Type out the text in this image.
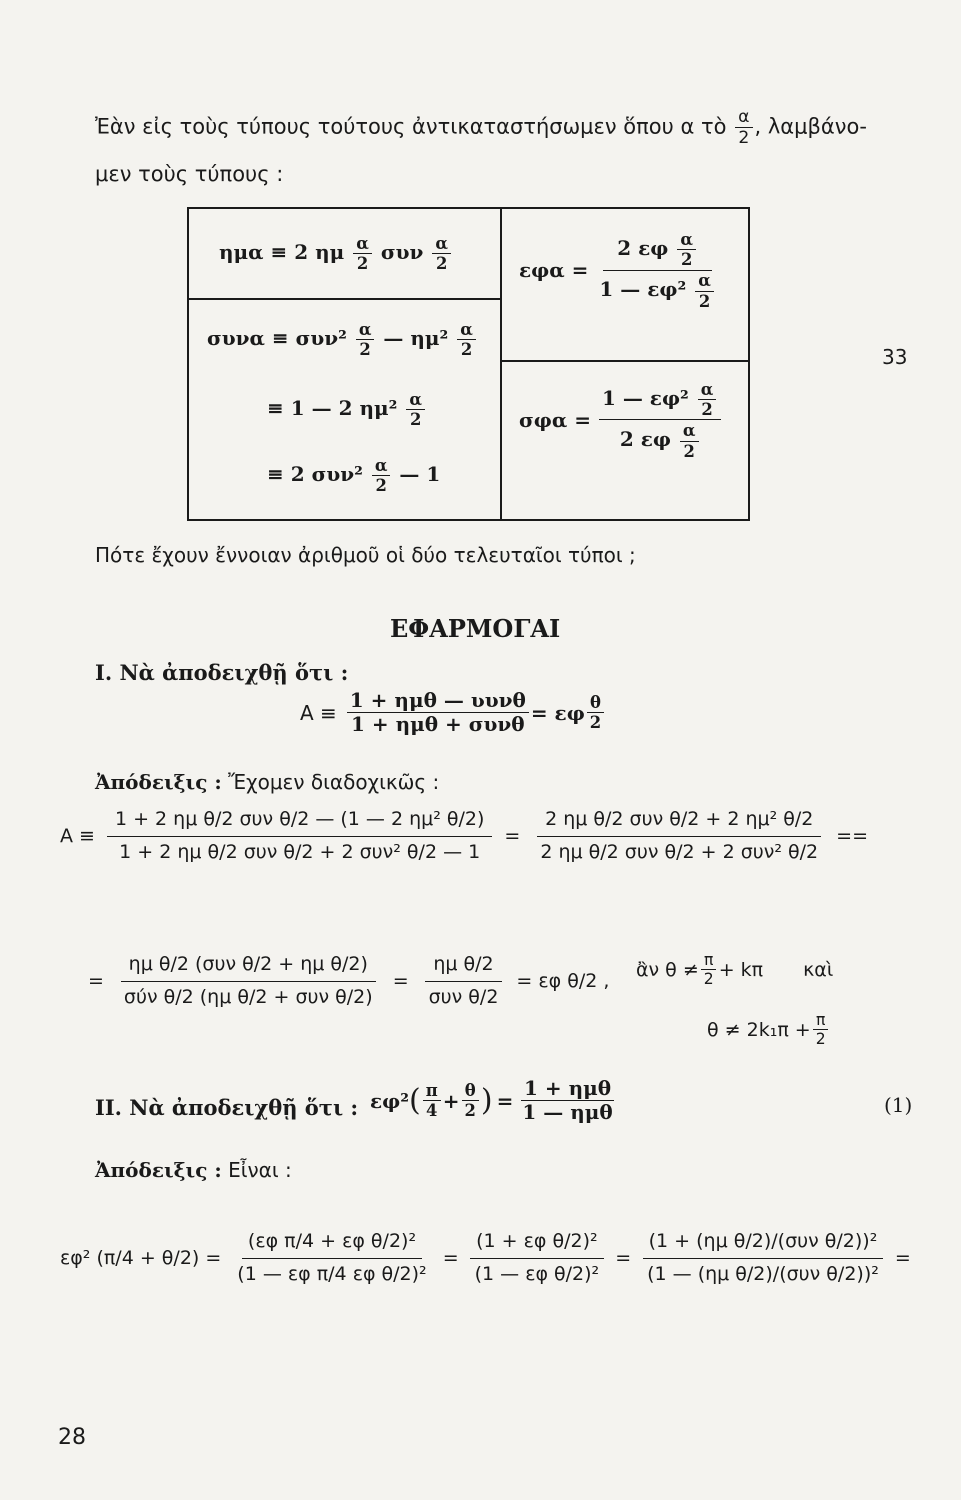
33
28
Ἐὰν εἰς τοὺς τύπους τούτους ἀντικαταστήσωμεν ὅπου α τὸ $\frac{\alpha}{2}$ , λαμβάνο-
μεν τοὺς τύπους :
ημα ≡ 2 ημ $\frac{\alpha}{2}$ συν $\frac{\alpha}{2}$
$\sigma\upsilon\nu\alpha \equiv \sigma\upsilon\nu^2 \frac{\alpha}{2}$ — $\eta\mu^2 \frac{\alpha}{2}$
≡ 1 — 2 $\eta\mu^2 \frac{\alpha}{2}$
≡ 2 $\sigma\upsilon\nu^2 \frac{\alpha}{2}$ — 1
$\varepsilon\varphi\alpha = \frac{2 \varepsilon\varphi \frac{\alpha}{2}}{1 — \varepsilon\varphi^2 \frac{\alpha}{2}}$
$\sigma\varphi\alpha = \frac{1 — \varepsilon\varphi^2 \frac{\alpha}{2}}{2 \varepsilon\varphi \frac{\alpha}{2}}$
Πότε ἔχουν ἔννοιαν ἀριθμοῦ οἱ δύο τελευταῖοι τύποι ;
ΕΦΑΡΜΟΓΑΙ
Ι. Νὰ ἀποδειχθῇ ὅτι :
$A \equiv \frac{\text{1 + ημθ — ʋυνθ}}{\text{1 + ημθ + συνθ}} = \varepsilon\varphi \frac{\theta}{2}$
Ἀπόδειξις : Ἔχομεν διαδοχικῶς :
$A \equiv \frac{\text{1 + 2 ημ θ/2 συν θ/2 — (1 — 2 ημ² θ/2)}}{\text{1 + 2 ημ θ/2 συν θ/2 + 2 συν² θ/2 — 1}} = \frac{\text{2 ημ θ/2 συν θ/2 + 2 ημ² θ/2}}{\text{2 ημ θ/2 συν θ/2 + 2 συν² θ/2}}$ ==
= $\frac{\text{ημ θ/2 (συν θ/2 + ημ θ/2)}}{\text{σύν θ/2 (ημ θ/2 + συν θ/2)}} = \frac{\text{ημ θ/2}}{\text{συν θ/2}} = \varepsilon\varphi$ θ/2 ,
ἂν $\theta \ne \frac{\pi}{2} + k\pi$ καὶ
$\theta \ne 2k_1\pi + \frac{\pi}{2}$
ΙΙ. Νὰ ἀποδειχθῇ ὅτι : εφ² ( $\frac{\pi}{4} + \frac{\theta}{2}$ ) = $\frac{\text{1 + ημθ}}{\text{1 — ημθ}}$	(1)
Ἀπόδειξις : Εἶναι :
εφ² $(\pi/4 + \theta/2) = \frac{\text{(εφ π/4 + εφ θ/2)²}}{\text{(1 — εφ π/4 εφ θ/2)²}} = \frac{\text{(1 + εφ θ/2)²}}{\text{(1 — εφ θ/2)²}} = \frac{\text{(1 + (ημ θ/2)/(συν θ/2))²}}{\text{(1 — (ημ θ/2)/(συν θ/2))²}}$ =
